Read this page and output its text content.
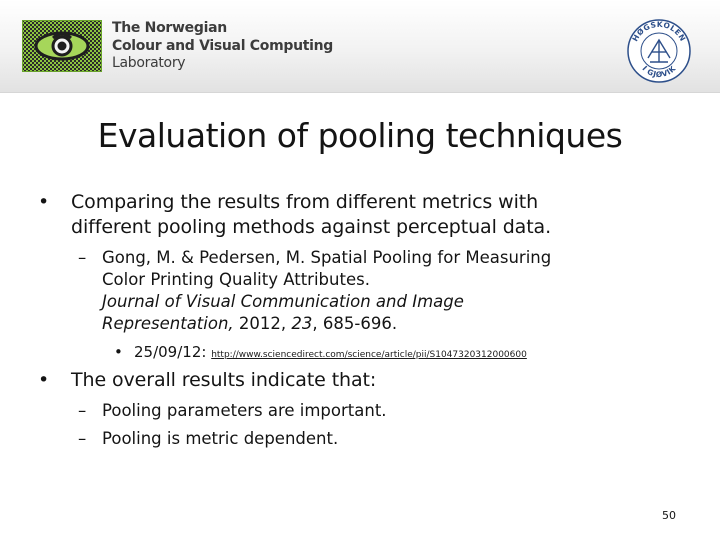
The Norwegian
Colour and Visual Computing
Laboratory
HØGSKOLEN
I GJØVIK
Evaluation of pooling techniques
• Comparing the results from different metrics with
different pooling methods against perceptual data.
– Gong, M. & Pedersen, M. Spatial Pooling for Measuring
Color Printing Quality Attributes.
Journal of Visual Communication and Image
Representation, 2012, 23, 685-696.
• 25/09/12: http://www.sciencedirect.com/science/article/pii/S1047320312000600
• The overall results indicate that:
– Pooling parameters are important.
– Pooling is metric dependent.
50
